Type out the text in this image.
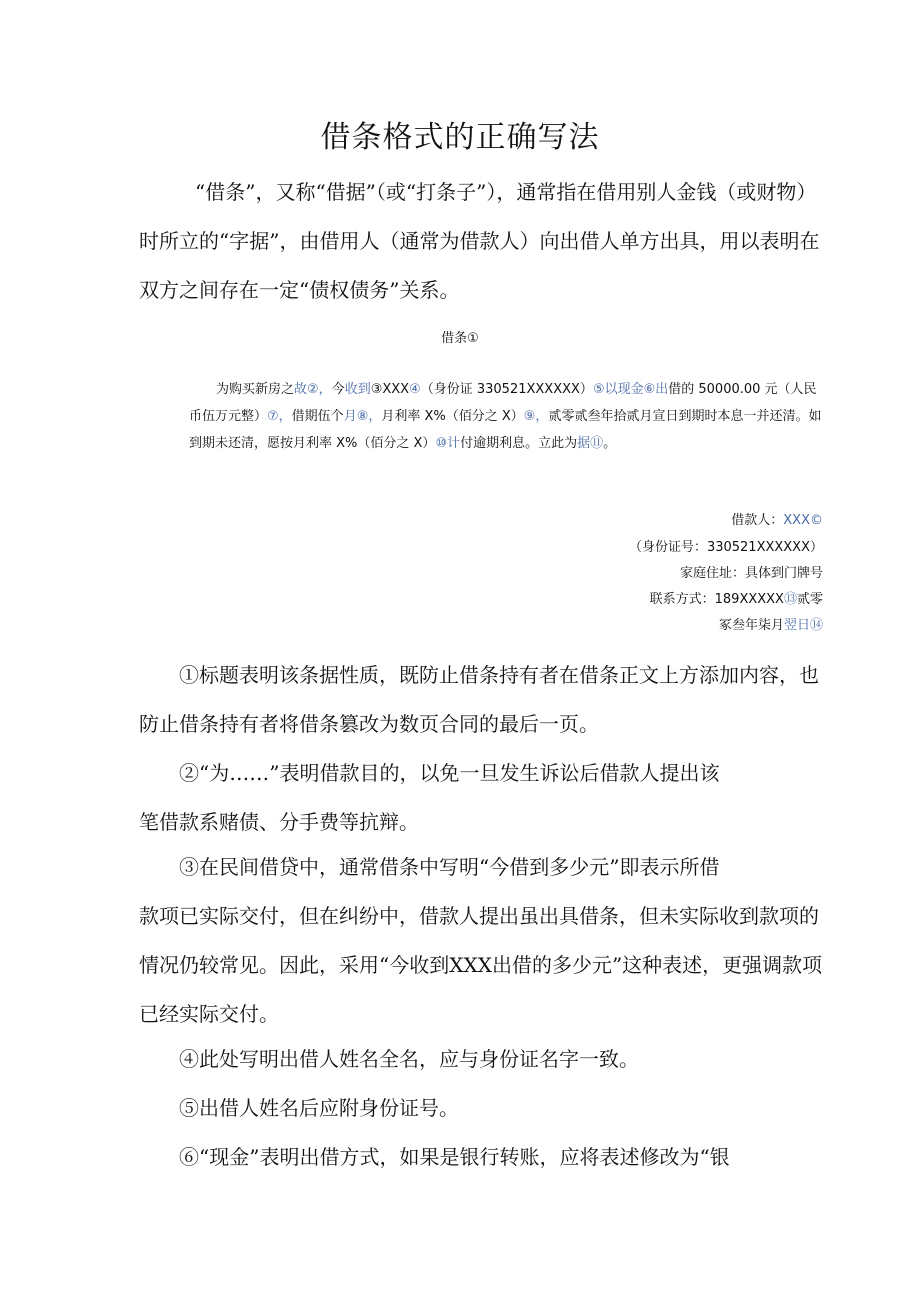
借条格式的正确写法
“借条”，又称“借据”（或“打条子”），通常指在借用别人金钱（或财物）时所立的“字据”，由借用人（通常为借款人）向出借人单方出具，用以表明在双方之间存在一定“债权债务”关系。
借条①
为购买新房之故②，今收到③XXX④（身份证 330521XXXXXX）⑤以现金⑥出借的 50000.00 元（人民币伍万元整）⑦，借期伍个月⑧，月利率 X%（佰分之 X）⑨，贰零贰叁年拾贰月宣日到期时本息一并还清。如到期未还清，愿按月利率 X%（佰分之 X）⑩计付逾期利息。立此为据⑪。
借款人：XXX©
（身份证号：330521XXXXXX）
家庭住址：具体到门牌号
联系方式：189XXXXX⑬贰零
冢叁年柒月翌日⑭
①标题表明该条据性质，既防止借条持有者在借条正文上方添加内容，也防止借条持有者将借条篡改为数页合同的最后一页。
②“为……”表明借款目的，以免一旦发生诉讼后借款人提出该
笔借款系赌债、分手费等抗辩。
③在民间借贷中，通常借条中写明“今借到多少元”即表示所借
款项已实际交付，但在纠纷中，借款人提出虽出具借条，但未实际收到款项的情况仍较常见。因此，采用“今收到XXX出借的多少元”这种表述，更强调款项已经实际交付。
④此处写明出借人姓名全名，应与身份证名字一致。
⑤出借人姓名后应附身份证号。
⑥“现金”表明出借方式，如果是银行转账，应将表述修改为“银
